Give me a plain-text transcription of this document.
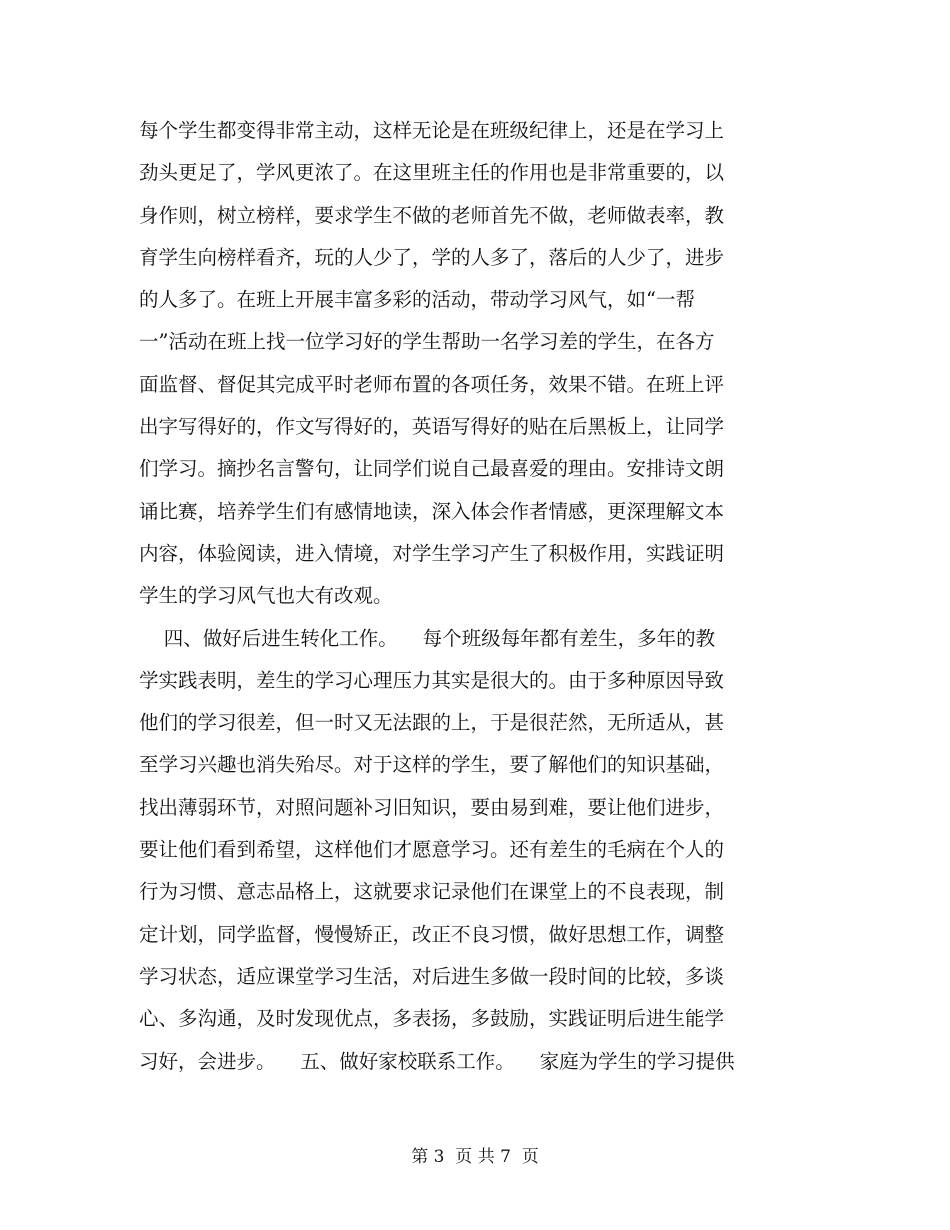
每个学生都变得非常主动，这样无论是在班级纪律上，还是在学习上
劲头更足了，学风更浓了。在这里班主任的作用也是非常重要的，以
身作则，树立榜样，要求学生不做的老师首先不做，老师做表率，教
育学生向榜样看齐，玩的人少了，学的人多了，落后的人少了，进步
的人多了。在班上开展丰富多彩的活动，带动学习风气，如“一帮
一”活动在班上找一位学习好的学生帮助一名学习差的学生，在各方
面监督、督促其完成平时老师布置的各项任务，效果不错。在班上评
出字写得好的，作文写得好的，英语写得好的贴在后黑板上，让同学
们学习。摘抄名言警句，让同学们说自己最喜爱的理由。安排诗文朗
诵比赛，培养学生们有感情地读，深入体会作者情感，更深理解文本
内容，体验阅读，进入情境，对学生学习产生了积极作用，实践证明
学生的学习风气也大有改观。
四、做好后进生转化工作。    每个班级每年都有差生，多年的教
学实践表明，差生的学习心理压力其实是很大的。由于多种原因导致
他们的学习很差，但一时又无法跟的上，于是很茫然，无所适从，甚
至学习兴趣也消失殆尽。对于这样的学生，要了解他们的知识基础，
找出薄弱环节，对照问题补习旧知识，要由易到难，要让他们进步，
要让他们看到希望，这样他们才愿意学习。还有差生的毛病在个人的
行为习惯、意志品格上，这就要求记录他们在课堂上的不良表现，制
定计划，同学监督，慢慢矫正，改正不良习惯，做好思想工作，调整
学习状态，适应课堂学习生活，对后进生多做一段时间的比较，多谈
心、多沟通，及时发现优点，多表扬，多鼓励，实践证明后进生能学
习好，会进步。    五、做好家校联系工作。    家庭为学生的学习提供
第 3  页 共 7  页
